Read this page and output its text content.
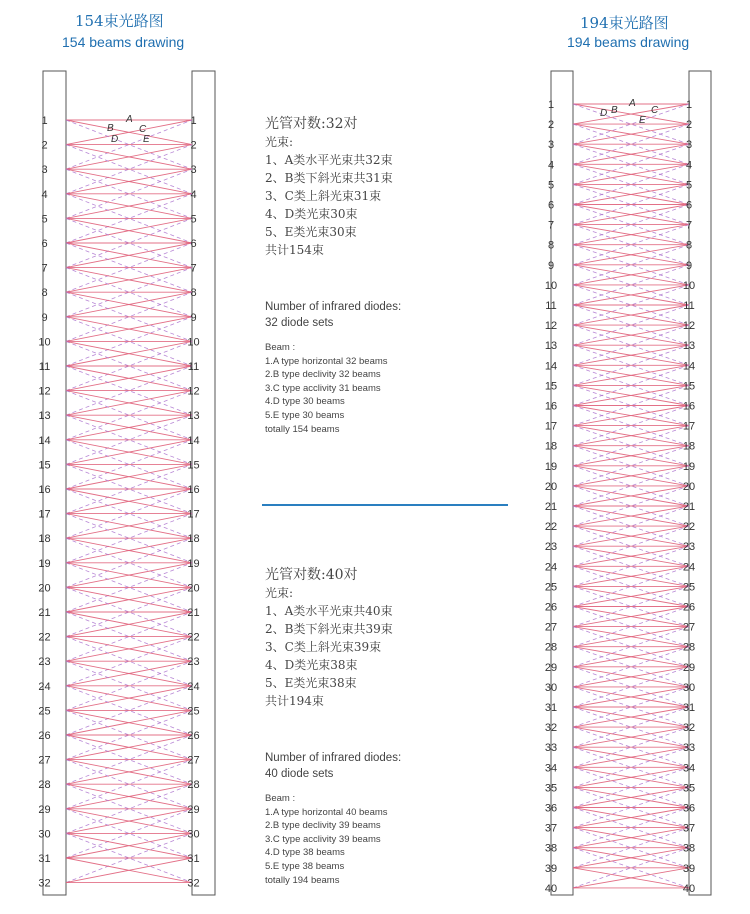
154束光路图
154 beams drawing
194束光路图
194 beams drawing
1	1
2	2
3	3
4	4
5	5
6	6
7	7
8	8
9	9
10	10
11	11
12	12
13	13
14	14
15	15
16	16
17	17
18	18
19	19
20	20
21	21
22	22
23	23
24	24
25	25
26	26
27	27
28	28
29	29
30	30
31	31
32	32
A
B	C
D E
1	1
2	2
3	3
4	4
5	5
6	6
7	7
8	8
9	9
10	10
11	11
12	12
13	13
14	14
15	15
16	16
17	17
18	18
19	19
20	20
21	21
22	22
23	23
24	24
25	25
26	26
27	27
28	28
29	29
30	30
31	31
32	32
33	33
34	34
35	35
36	36
37	37
38	38
39	39
40	40
A
B	C
D
E
光管对数:32对
光束:
1、A类水平光束共32束
2、B类下斜光束共31束
3、C类上斜光束31束
4、D类光束30束
5、E类光束30束
共计154束
Number of infrared diodes:
32 diode sets
Beam :
1.A type horizontal 32 beams
2.B type declivity 32 beams
3.C type acclivity 31 beams
4.D type 30 beams
5.E type 30 beams
totally 154 beams
光管对数:40对
光束:
1、A类水平光束共40束
2、B类下斜光束共39束
3、C类上斜光束39束
4、D类光束38束
5、E类光束38束
共计194束
Number of infrared diodes:
40 diode sets
Beam :
1.A type horizontal 40 beams
2.B type declivity 39 beams
3.C type acclivity 39 beams
4.D type 38 beams
5.E type 38 beams
totally 194 beams
